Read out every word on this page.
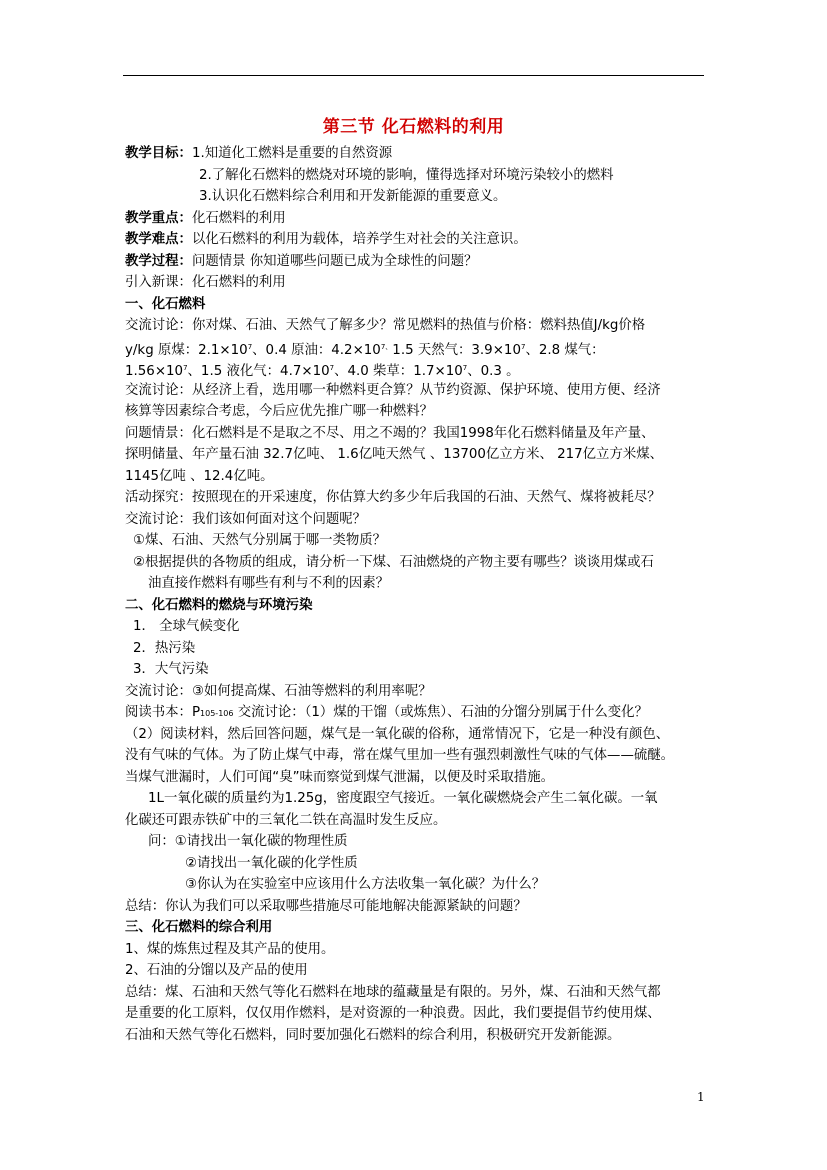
第三节 化石燃料的利用
教学目标：1.知道化工燃料是重要的自然资源
2.了解化石燃料的燃烧对环境的影响，懂得选择对环境污染较小的燃料
3.认识化石燃料综合利用和开发新能源的重要意义。
教学重点：化石燃料的利用
教学难点：以化石燃料的利用为载体，培养学生对社会的关注意识。
教学过程：问题情景 你知道哪些问题已成为全球性的问题？
引入新课：化石燃料的利用
一、化石燃料
交流讨论：你对煤、石油、天然气了解多少？常见燃料的热值与价格：燃料热值J/kg价格
y/kg 原煤：$2.1\times 10^7$、0.4 原油：$4.2\times 10^{7、}1.5$ 天然气：$3.9\times 10^7$、2.8 煤气：
$1.56\times 10^7$、1.5 液化气：$4.7\times 10^7$、4.0 柴草：$1.7\times 10^7$、0.3 。
交流讨论：从经济上看，选用哪一种燃料更合算？从节约资源、保护环境、使用方便、经济
核算等因素综合考虑，今后应优先推广哪一种燃料？
问题情景：化石燃料是不是取之不尽、用之不竭的？我国1998年化石燃料储量及年产量、
探明储量、年产量石油 32.7亿吨、 1.6亿吨天然气 、13700亿立方米、 217亿立方米煤、
1145亿吨 、12.4亿吨。
活动探究：按照现在的开采速度，你估算大约多少年后我国的石油、天然气、煤将被耗尽？
交流讨论：我们该如何面对这个问题呢？
①煤、石油、天然气分别属于哪一类物质？
②根据提供的各物质的组成，请分析一下煤、石油燃烧的产物主要有哪些？谈谈用煤或石
油直接作燃料有哪些有利与不利的因素？
二、化石燃料的燃烧与环境污染
1． 全球气候变化
2．热污染
3．大气污染
交流讨论：③如何提高煤、石油等燃料的利用率呢？
阅读书本：P105-106 交流讨论：（1）煤的干馏（或炼焦）、石油的分馏分别属于什么变化？
（2）阅读材料，然后回答问题，煤气是一氧化碳的俗称，通常情况下，它是一种没有颜色、
没有气味的气体。为了防止煤气中毒，常在煤气里加一些有强烈刺激性气味的气体——硫醚。
当煤气泄漏时，人们可闻“臭”味而察觉到煤气泄漏，以便及时采取措施。
1L一氧化碳的质量约为1.25g，密度跟空气接近。一氧化碳燃烧会产生二氧化碳。一氧
化碳还可跟赤铁矿中的三氧化二铁在高温时发生反应。
问：①请找出一氧化碳的物理性质
②请找出一氧化碳的化学性质
③你认为在实验室中应该用什么方法收集一氧化碳？为什么？
总结：你认为我们可以采取哪些措施尽可能地解决能源紧缺的问题？
三、化石燃料的综合利用
1、煤的炼焦过程及其产品的使用。
2、石油的分馏以及产品的使用
总结：煤、石油和天然气等化石燃料在地球的蕴藏量是有限的。另外，煤、石油和天然气都
是重要的化工原料，仅仅用作燃料，是对资源的一种浪费。因此，我们要提倡节约使用煤、
石油和天然气等化石燃料，同时要加强化石燃料的综合利用，积极研究开发新能源。
1
